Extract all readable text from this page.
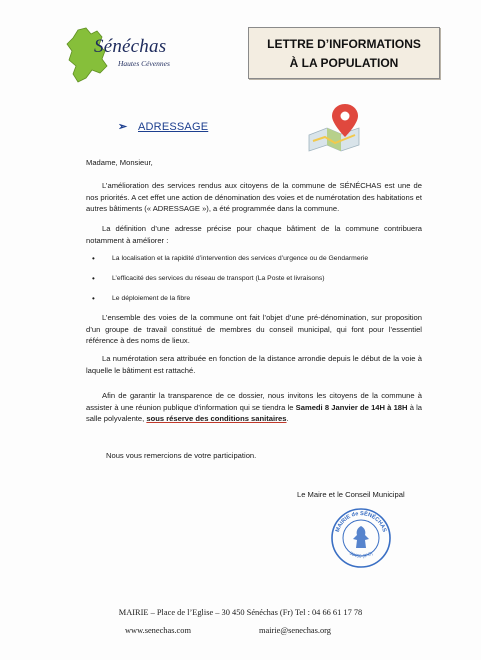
Sénéchas
Hautes Cévennes
LETTRE D’INFORMATIONS
À LA POPULATION
➢ ADRESSAGE
Madame, Monsieur,

L’amélioration des services rendus aux citoyens de la commune de SÉNÉCHAS est une de nos priorités. A cet effet une action de dénomination des voies et de numérotation des habitations et autres bâtiments (« ADRESSAGE »), a été programmée dans la commune.

La définition d’une adresse précise pour chaque bâtiment de la commune contribuera notamment à améliorer :

•	La localisation et la rapidité d’intervention des services d’urgence ou de Gendarmerie
•	L’efficacité des services du réseau de transport (La Poste et livraisons)
•	Le déploiement de la fibre

L’ensemble des voies de la commune ont fait l’objet d’une pré-dénomination, sur proposition d’un groupe de travail constitué de membres du conseil municipal, qui font pour l’essentiel référence à des noms de lieux.

La numérotation sera attribuée en fonction de la distance arrondie depuis le début de la voie à laquelle le bâtiment est rattaché.

Afin de garantir la transparence de ce dossier, nous invitons les citoyens de la commune à assister à une réunion publique d’information qui se tiendra le Samedi 8 Janvier de 14H à 18H à la salle polyvalente, sous réserve des conditions sanitaires.

Nous vous remercions de votre participation.
Le Maire et le Conseil Municipal
MAIRIE de SÉNÉCHAS
30450 (3°C)
MAIRIE – Place de l’Eglise – 30 450 Sénéchas (Fr) Tel : 04 66 61 17 78
www.senechas.com	mairie@senechas.org
